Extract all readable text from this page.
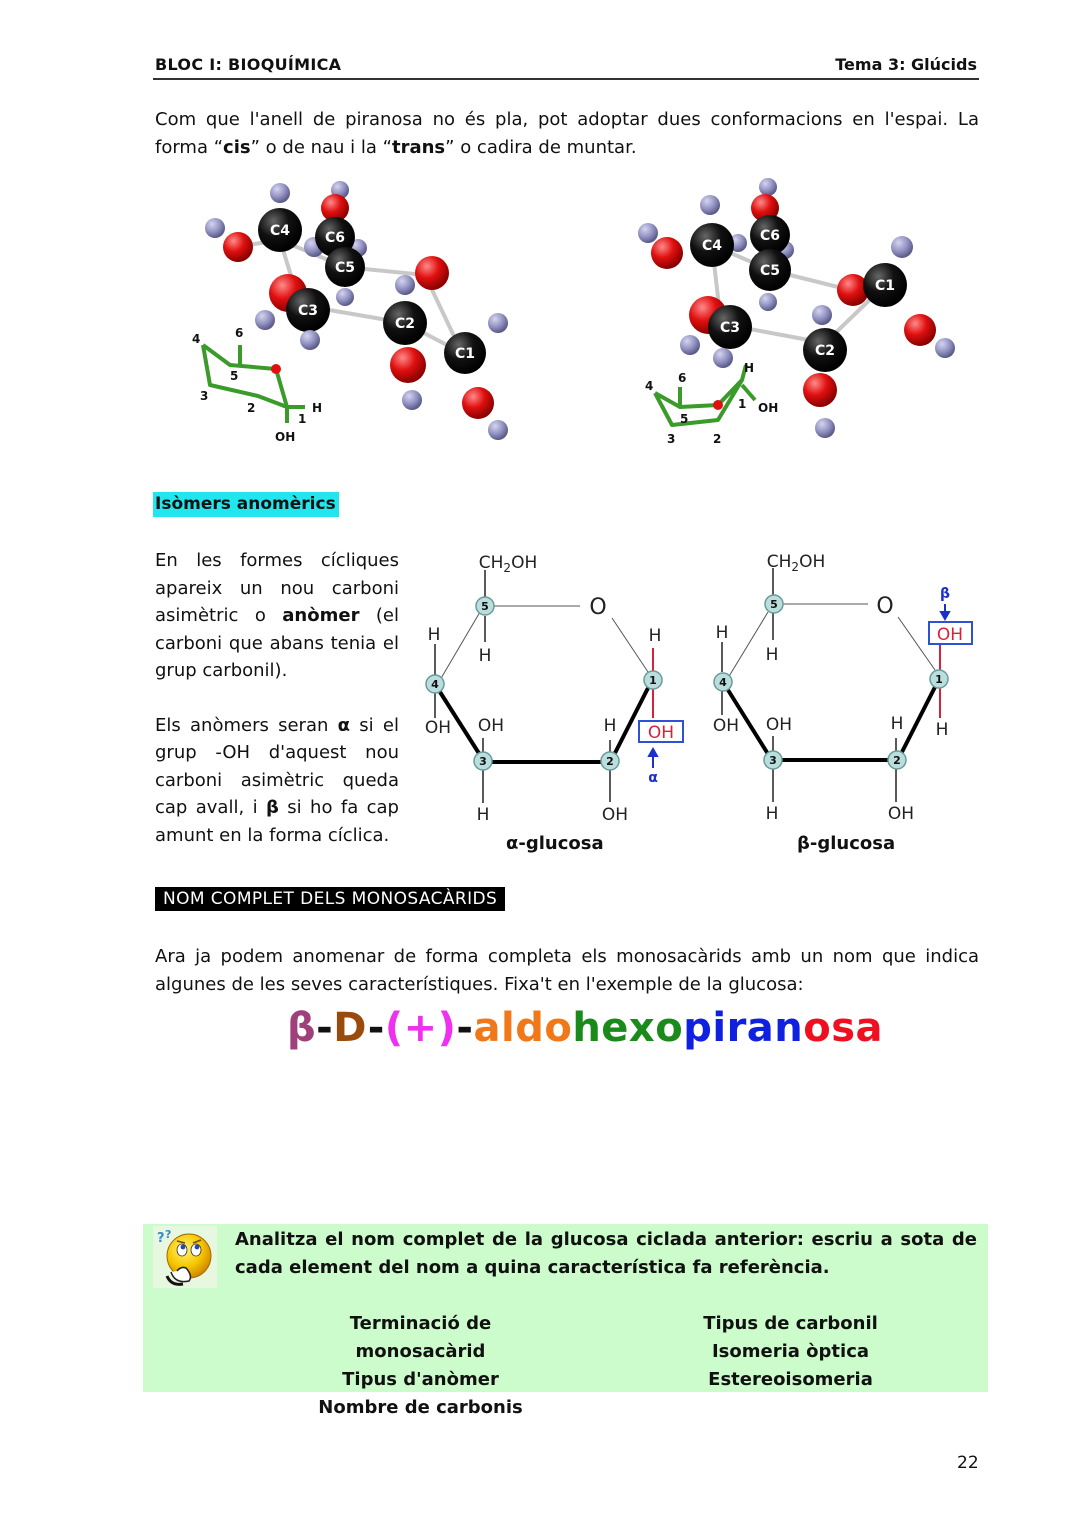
BLOC I: BIOQUÍMICA	Tema 3: Glúcids
Com que l'anell de piranosa no és pla, pot adoptar dues conformacions en l'espai. La
forma “cis” o de nau i la “trans” o cadira de muntar.
C4 C6
C5
C3
C2
C1
4	6
5
3
2
1
H
OH
C4
C6
C5
C1
C3
C2
4
6
5
3	2
1
H
OH
Isòmers anomèrics

En les formes cícliques apareix un nou carboni asimètric o anòmer (el carboni que abans tenia el grup carbonil).

Els anòmers seran α si el grup -OH d'aquest nou carboni asimètric queda cap avall, i β si ho fa cap amunt en la forma cíclica.

1
2
3
4
5
$CH_2OH$
O
H
H
H
OH OH	H
H	OH
OH
α
α-glucosa
1
2
3
4
5
$CH_2OH$
O
H
H
OH OH	H H
H	OH
OH
β
β-glucosa
NOM COMPLET DELS MONOSACÀRIDS
Ara ja podem anomenar de forma completa els monosacàrids amb un nom que indica
algunes de les seves característiques. Fixa't en l'exemple de la glucosa:
β-D-(+)-aldohexopiranosa
? ?	Analitza el nom complet de la glucosa ciclada anterior: escriu a sota de
cada element del nom a quina característica fa referència.
Terminació de monosacàrid
Tipus d'anòmer
Nombre de carbonis
Tipus de carbonil
Isomeria òptica
Estereoisomeria
22
